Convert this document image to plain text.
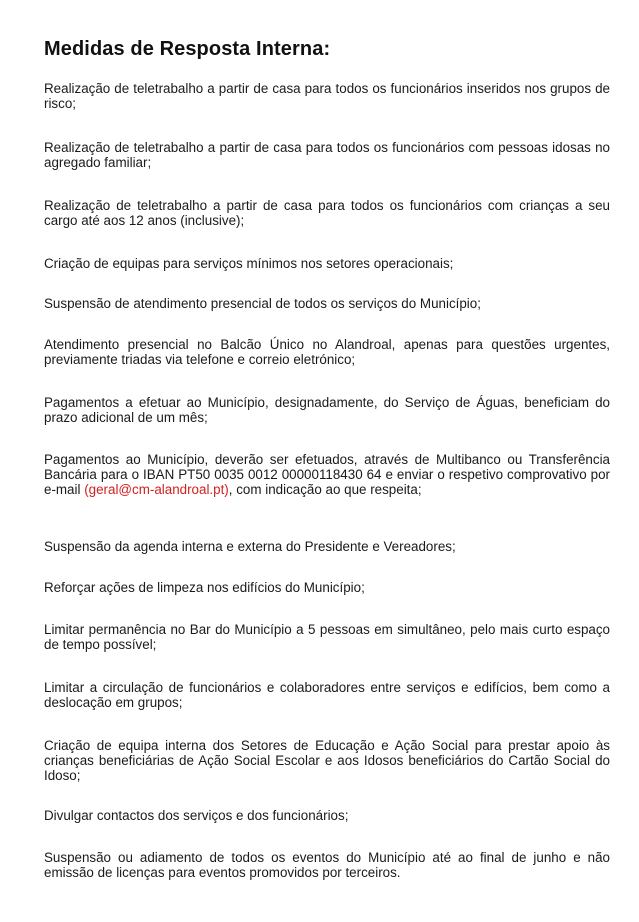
Medidas de Resposta Interna:
Realização de teletrabalho a partir de casa para todos os funcionários inseridos nos grupos de risco;
Realização de teletrabalho a partir de casa para todos os funcionários com pessoas idosas no agregado familiar;
Realização de teletrabalho a partir de casa para todos os funcionários com crianças a seu cargo até aos 12 anos (inclusive);
Criação de equipas para serviços mínimos nos setores operacionais;
Suspensão de atendimento presencial de todos os serviços do Município;
Atendimento presencial no Balcão Único no Alandroal, apenas para questões urgentes, previamente triadas via telefone e correio eletrónico;
Pagamentos a efetuar ao Município, designadamente, do Serviço de Águas, beneficiam do prazo adicional de um mês;
Pagamentos ao Município, deverão ser efetuados, através de Multibanco ou Transferência Bancária para o IBAN PT50 0035 0012 00000118430 64 e enviar o respetivo comprovativo por e-mail (geral@cm-alandroal.pt), com indicação ao que respeita;
Suspensão da agenda interna e externa do Presidente e Vereadores;
Reforçar ações de limpeza nos edifícios do Município;
Limitar permanência no Bar do Município a 5 pessoas em simultâneo, pelo mais curto espaço de tempo possível;
Limitar a circulação de funcionários e colaboradores entre serviços e edifícios, bem como a deslocação em grupos;
Criação de equipa interna dos Setores de Educação e Ação Social para prestar apoio às crianças beneficiárias de Ação Social Escolar e aos Idosos beneficiários do Cartão Social do Idoso;
Divulgar contactos dos serviços e dos funcionários;
Suspensão ou adiamento de todos os eventos do Município até ao final de junho e não emissão de licenças para eventos promovidos por terceiros.
